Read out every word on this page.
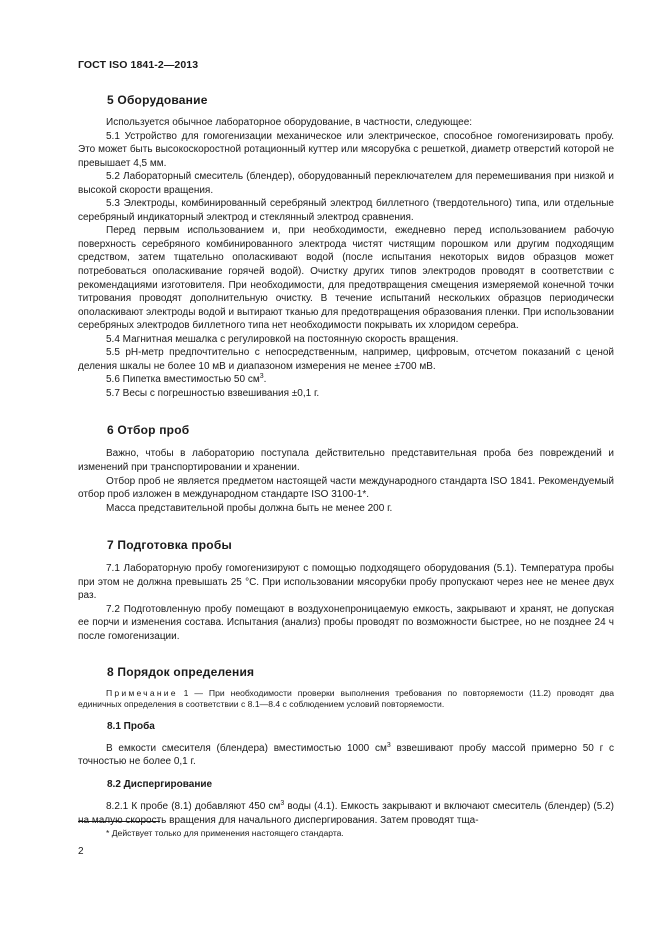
ГОСТ ISO 1841-2—2013
5 Оборудование

Используется обычное лабораторное оборудование, в частности, следующее:

5.1 Устройство для гомогенизации механическое или электрическое, способное гомогенизировать пробу. Это может быть высокоскоростной ротационный куттер или мясорубка с решеткой, диаметр отверстий которой не превышает 4,5 мм.

5.2 Лабораторный смеситель (блендер), оборудованный переключателем для перемешивания при низкой и высокой скорости вращения.

5.3 Электроды, комбинированный серебряный электрод биллетного (твердотельного) типа, или отдельные серебряный индикаторный электрод и стеклянный электрод сравнения.

Перед первым использованием и, при необходимости, ежедневно перед использованием рабочую поверхность серебряного комбинированного электрода чистят чистящим порошком или другим подходящим средством, затем тщательно ополаскивают водой (после испытания некоторых видов образцов может потребоваться ополаскивание горячей водой). Очистку других типов электродов проводят в соответствии с рекомендациями изготовителя. При необходимости, для предотвращения смещения измеряемой конечной точки титрования проводят дополнительную очистку. В течение испытаний нескольких образцов периодически ополаскивают электроды водой и вытирают тканью для предотвращения образования пленки. При использовании серебряных электродов биллетного типа нет необходимости покрывать их хлоридом серебра.

5.4 Магнитная мешалка с регулировкой на постоянную скорость вращения.

5.5 pH-метр предпочтительно с непосредственным, например, цифровым, отсчетом показаний с ценой деления шкалы не более 10 мВ и диапазоном измерения не менее ±700 мВ.

5.6 Пипетка вместимостью 50 $см^3$.

5.7 Весы с погрешностью взвешивания ±0,1 г.

6 Отбор проб

Важно, чтобы в лабораторию поступала действительно представительная проба без повреждений и изменений при транспортировании и хранении.

Отбор проб не является предметом настоящей части международного стандарта ISO 1841. Рекомендуемый отбор проб изложен в международном стандарте ISO 3100-1*.

Масса представительной пробы должна быть не менее 200 г.

7 Подготовка пробы

7.1 Лабораторную пробу гомогенизируют с помощью подходящего оборудования (5.1). Температура пробы при этом не должна превышать 25 °С. При использовании мясорубки пробу пропускают через нее не менее двух раз.

7.2 Подготовленную пробу помещают в воздухонепроницаемую емкость, закрывают и хранят, не допуская ее порчи и изменения состава. Испытания (анализ) пробы проводят по возможности быстрее, но не позднее 24 ч после гомогенизации.

8 Порядок определения

Примечание 1 — При необходимости проверки выполнения требования по повторяемости (11.2) проводят два единичных определения в соответствии с 8.1—8.4 с соблюдением условий повторяемости.

8.1 Проба

В емкости смесителя (блендера) вместимостью 1000 $см^3$ взвешивают пробу массой примерно 50 г с точностью не более 0,1 г.

8.2 Диспергирование

8.2.1 К пробе (8.1) добавляют 450 $см^3$ воды (4.1). Емкость закрывают и включают смеситель (блендер) (5.2) на малую скорость вращения для начального диспергирования. Затем проводят тща-

* Действует только для применения настоящего стандарта.

2
